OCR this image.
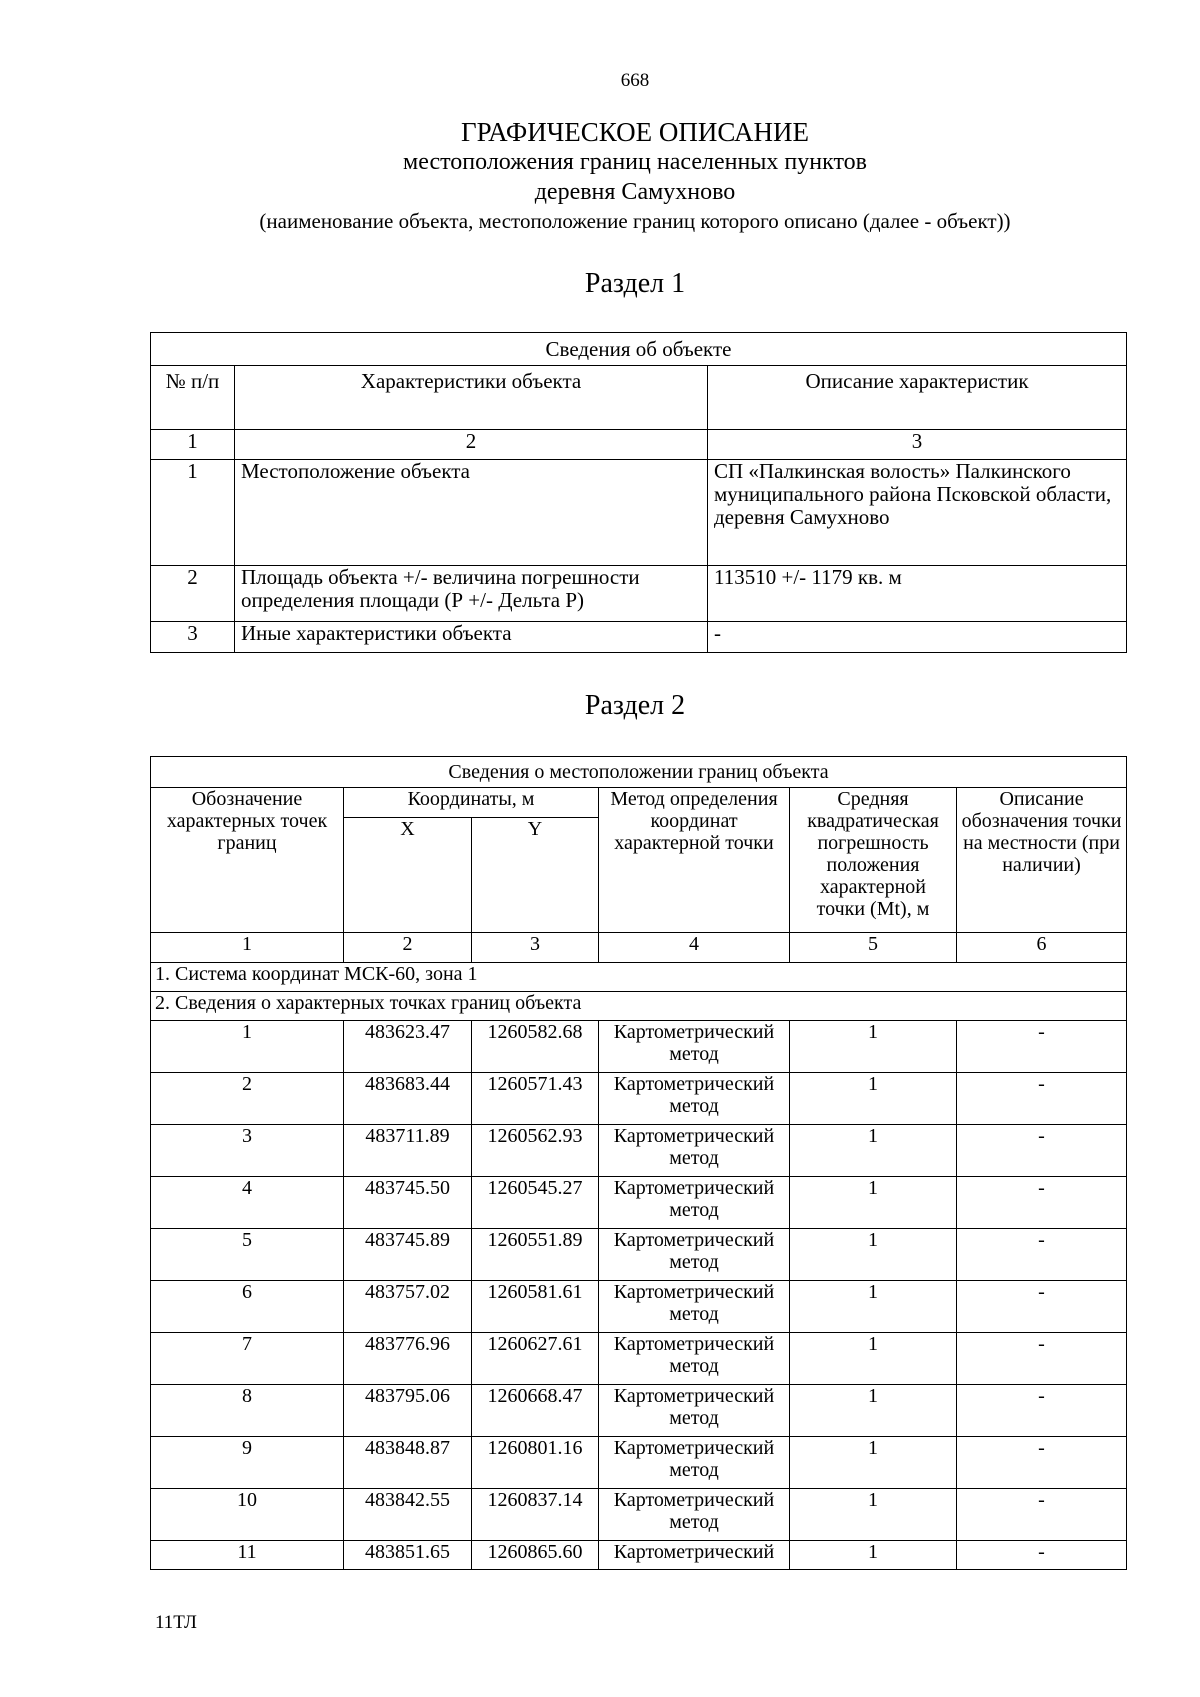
668
ГРАФИЧЕСКОЕ ОПИСАНИЕ
местоположения границ населенных пунктов
деревня Самухново
(наименование объекта, местоположение границ которого описано (далее - объект))
Раздел 1
Сведения об объекте		
№ п/п	Характеристики объекта	Описание характеристик
1	2	3
1	Местоположение объекта	СП «Палкинская волость» Палкинского муниципального района Псковской области, деревня Самухново
2	Площадь объекта +/- величина погрешности определения площади (Р +/- Дельта Р)	113510 +/- 1179 кв. м
3	Иные характеристики объекта	-
Раздел 2
Сведения о местоположении границ объекта					
Обозначение характерных точек границ	Координаты, м		Метод определения координат характерной точки	Средняя квадратическая погрешность положения характерной точки (Mt), м	Описание обозначения точки на местности (при наличии)
	X	Y			
1	2	3	4	5	6
1. Система координат МСК-60, зона 1					
2. Сведения о характерных точках границ объекта					
1	483623.47	1260582.68	Картометрический метод	1	-
2	483683.44	1260571.43	Картометрический метод	1	-
3	483711.89	1260562.93	Картометрический метод	1	-
4	483745.50	1260545.27	Картометрический метод	1	-
5	483745.89	1260551.89	Картометрический метод	1	-
6	483757.02	1260581.61	Картометрический метод	1	-
7	483776.96	1260627.61	Картометрический метод	1	-
8	483795.06	1260668.47	Картометрический метод	1	-
9	483848.87	1260801.16	Картометрический метод	1	-
10	483842.55	1260837.14	Картометрический метод	1	-
11	483851.65	1260865.60	Картометрический	1	-
11ТЛ
